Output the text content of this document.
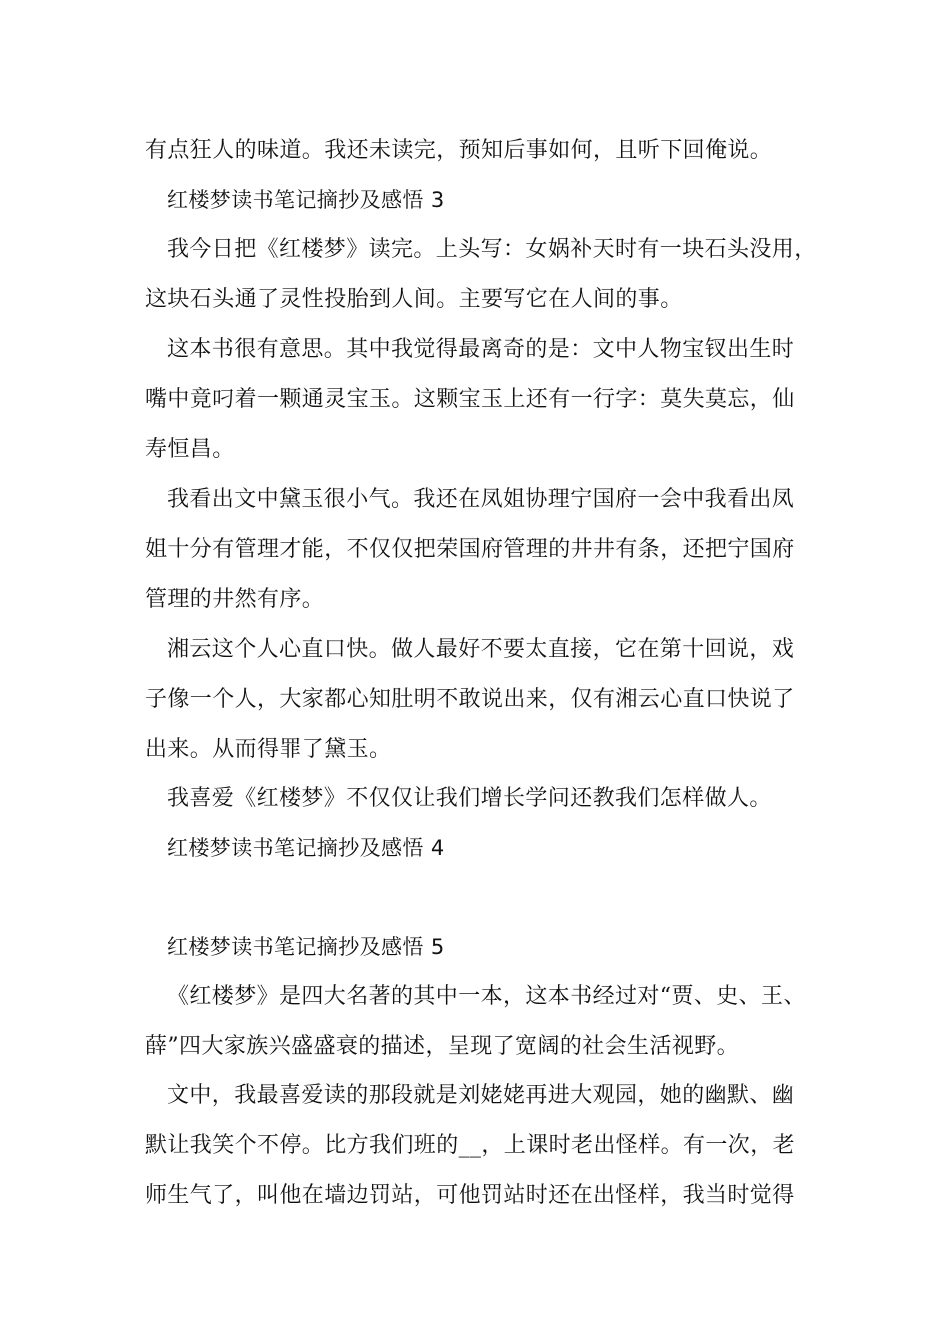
有点狂人的味道。我还未读完，预知后事如何，且听下回俺说。
红楼梦读书笔记摘抄及感悟 3
我今日把《红楼梦》读完。上头写：女娲补天时有一块石头没用，
这块石头通了灵性投胎到人间。主要写它在人间的事。
这本书很有意思。其中我觉得最离奇的是：文中人物宝钗出生时
嘴中竟叼着一颗通灵宝玉。这颗宝玉上还有一行字：莫失莫忘，仙
寿恒昌。
我看出文中黛玉很小气。我还在凤姐协理宁国府一会中我看出凤
姐十分有管理才能，不仅仅把荣国府管理的井井有条，还把宁国府
管理的井然有序。
湘云这个人心直口快。做人最好不要太直接，它在第十回说，戏
子像一个人，大家都心知肚明不敢说出来，仅有湘云心直口快说了
出来。从而得罪了黛玉。
我喜爱《红楼梦》不仅仅让我们增长学问还教我们怎样做人。
红楼梦读书笔记摘抄及感悟 4
红楼梦读书笔记摘抄及感悟 5
《红楼梦》是四大名著的其中一本，这本书经过对“贾、史、王、
薛”四大家族兴盛盛衰的描述，呈现了宽阔的社会生活视野。
文中，我最喜爱读的那段就是刘姥姥再进大观园，她的幽默、幽
默让我笑个不停。比方我们班的__，上课时老出怪样。有一次，老
师生气了，叫他在墙边罚站，可他罚站时还在出怪样，我当时觉得
